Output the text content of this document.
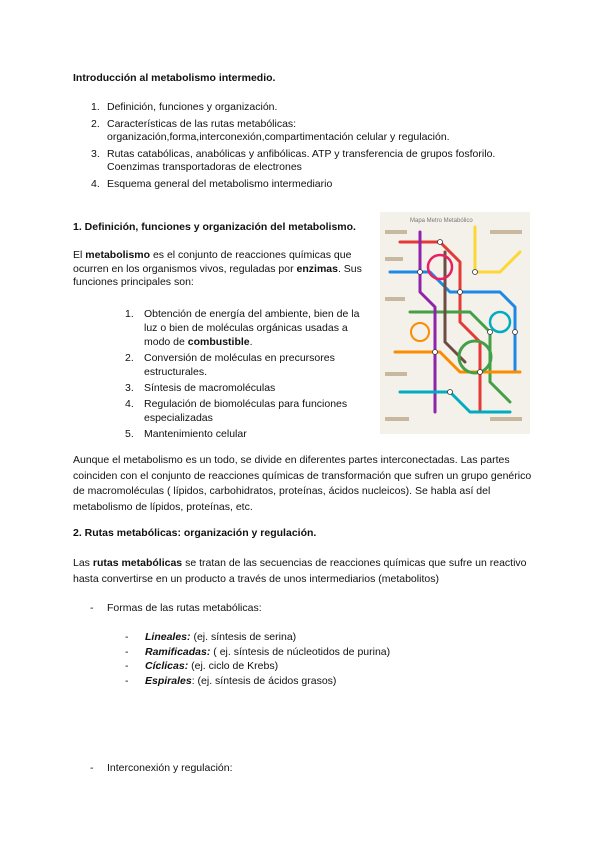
Introducción al metabolismo intermedio.
1. Definición, funciones y organización.
2. Características de las rutas metabólicas:
organización,forma,interconexión,compartimentación celular y regulación.
3. Rutas catabólicas, anabólicas y anfibólicas. ATP y transferencia de grupos fosforilo.
Coenzimas transportadoras de electrones
4. Esquema general del metabolismo intermediario
1. Definición, funciones y organización del metabolismo.
El metabolismo es el conjunto de reacciones químicas que ocurren en los organismos vivos, reguladas por enzimas. Sus funciones principales son:
1. Obtención de energía del ambiente, bien de la luz o bien de moléculas orgánicas usadas a modo de combustible.
2. Conversión de moléculas en precursores estructurales.
3. Síntesis de macromoléculas
4. Regulación de biomoléculas para funciones especializadas
5. Mantenimiento celular
Mapa Metro Metabólico
Aunque el metabolismo es un todo, se divide en diferentes partes interconectadas. Las partes coinciden con el conjunto de reacciones químicas de transformación que sufren un grupo genérico de macromoléculas ( lípidos, carbohidratos, proteínas, ácidos nucleicos). Se habla así del metabolismo de lípidos, proteínas, etc.
2. Rutas metabólicas: organización y regulación.
Las rutas metabólicas se tratan de las secuencias de reacciones químicas que sufre un reactivo hasta convertirse en un producto a través de unos intermediarios (metabolitos)
- Formas de las rutas metabólicas:
- Lineales: (ej. síntesis de serina)
- Ramificadas: ( ej. síntesis de núcleotidos de purina)
- Cíclicas: (ej. ciclo de Krebs)
- Espirales: (ej. síntesis de ácidos grasos)
- Interconexión y regulación:
